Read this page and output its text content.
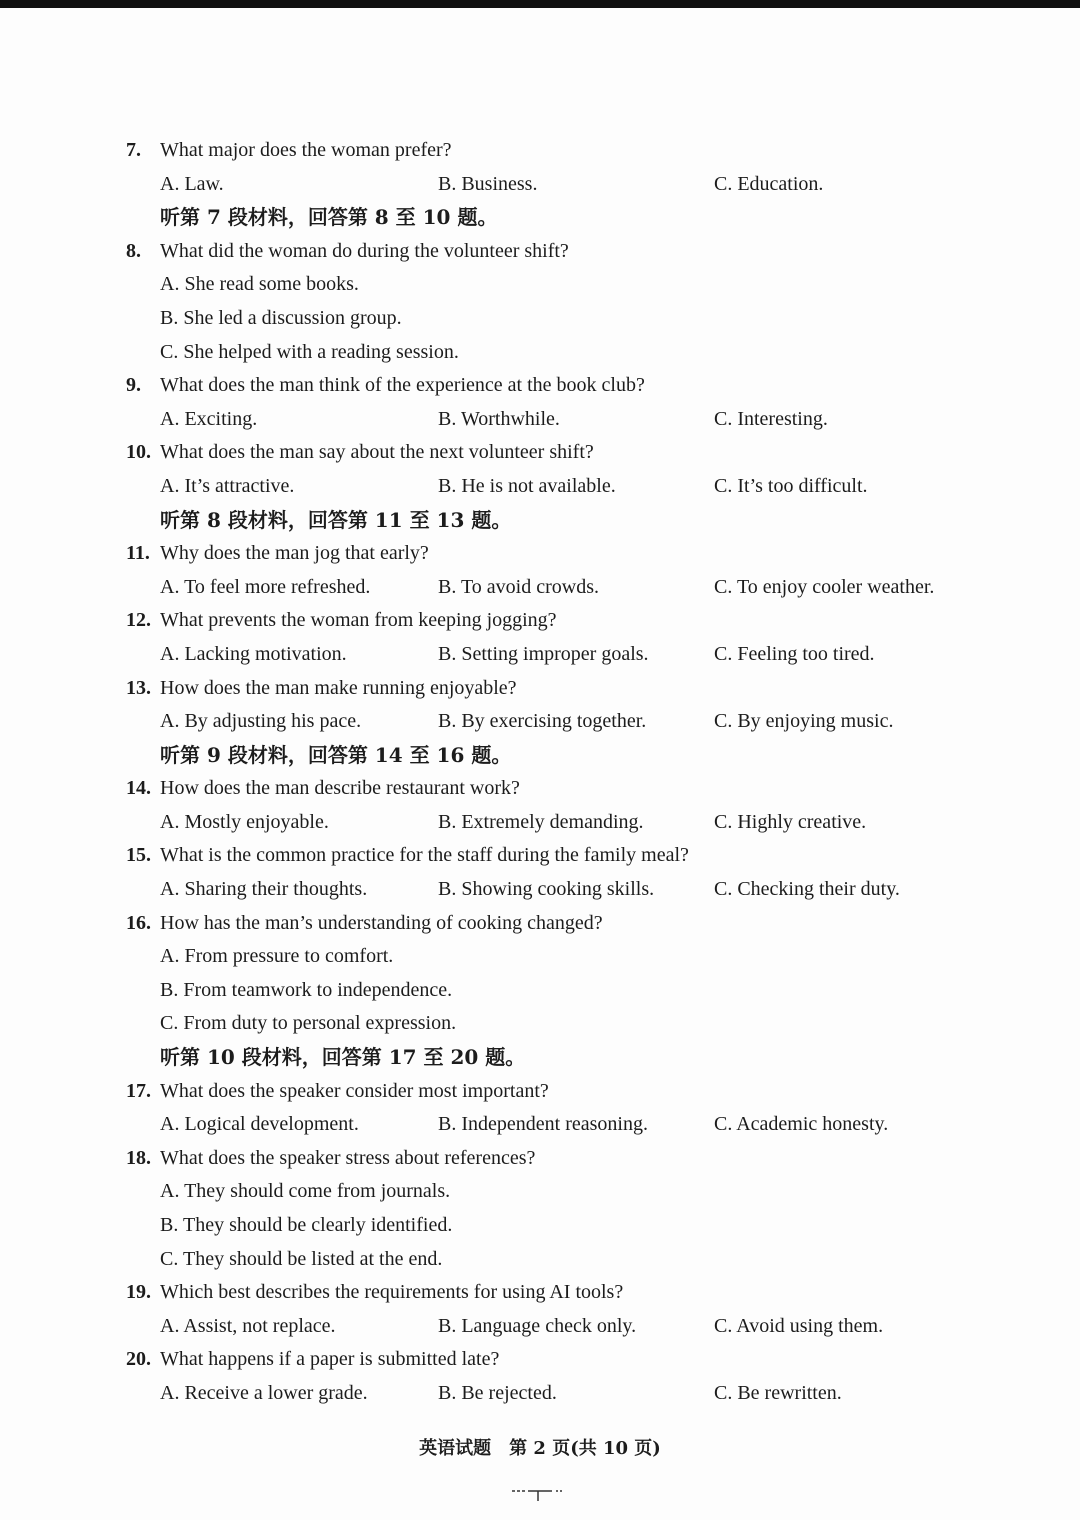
7. What major does the woman prefer?
A. Law.	B. Business.	C. Education.
听第 7 段材料，回答第 8 至 10 题。
8. What did the woman do during the volunteer shift?
A. She read some books.
B. She led a discussion group.
C. She helped with a reading session.
9. What does the man think of the experience at the book club?
A. Exciting.	B. Worthwhile.	C. Interesting.
10. What does the man say about the next volunteer shift?
A. It’s attractive.	B. He is not available.	C. It’s too difficult.
听第 8 段材料，回答第 11 至 13 题。
11. Why does the man jog that early?
A. To feel more refreshed.	B. To avoid crowds.	C. To enjoy cooler weather.
12. What prevents the woman from keeping jogging?
A. Lacking motivation.	B. Setting improper goals.	C. Feeling too tired.
13. How does the man make running enjoyable?
A. By adjusting his pace.	B. By exercising together.	C. By enjoying music.
听第 9 段材料，回答第 14 至 16 题。
14. How does the man describe restaurant work?
A. Mostly enjoyable.	B. Extremely demanding.	C. Highly creative.
15. What is the common practice for the staff during the family meal?
A. Sharing their thoughts.	B. Showing cooking skills.	C. Checking their duty.
16. How has the man’s understanding of cooking changed?
A. From pressure to comfort.
B. From teamwork to independence.
C. From duty to personal expression.
听第 10 段材料，回答第 17 至 20 题。
17. What does the speaker consider most important?
A. Logical development.	B. Independent reasoning.	C. Academic honesty.
18. What does the speaker stress about references?
A. They should come from journals.
B. They should be clearly identified.
C. They should be listed at the end.
19. Which best describes the requirements for using AI tools?
A. Assist, not replace.	B. Language check only.	C. Avoid using them.
20. What happens if a paper is submitted late?
A. Receive a lower grade.	B. Be rejected.	C. Be rewritten.
英语试题　第 2 页(共 10 页)
